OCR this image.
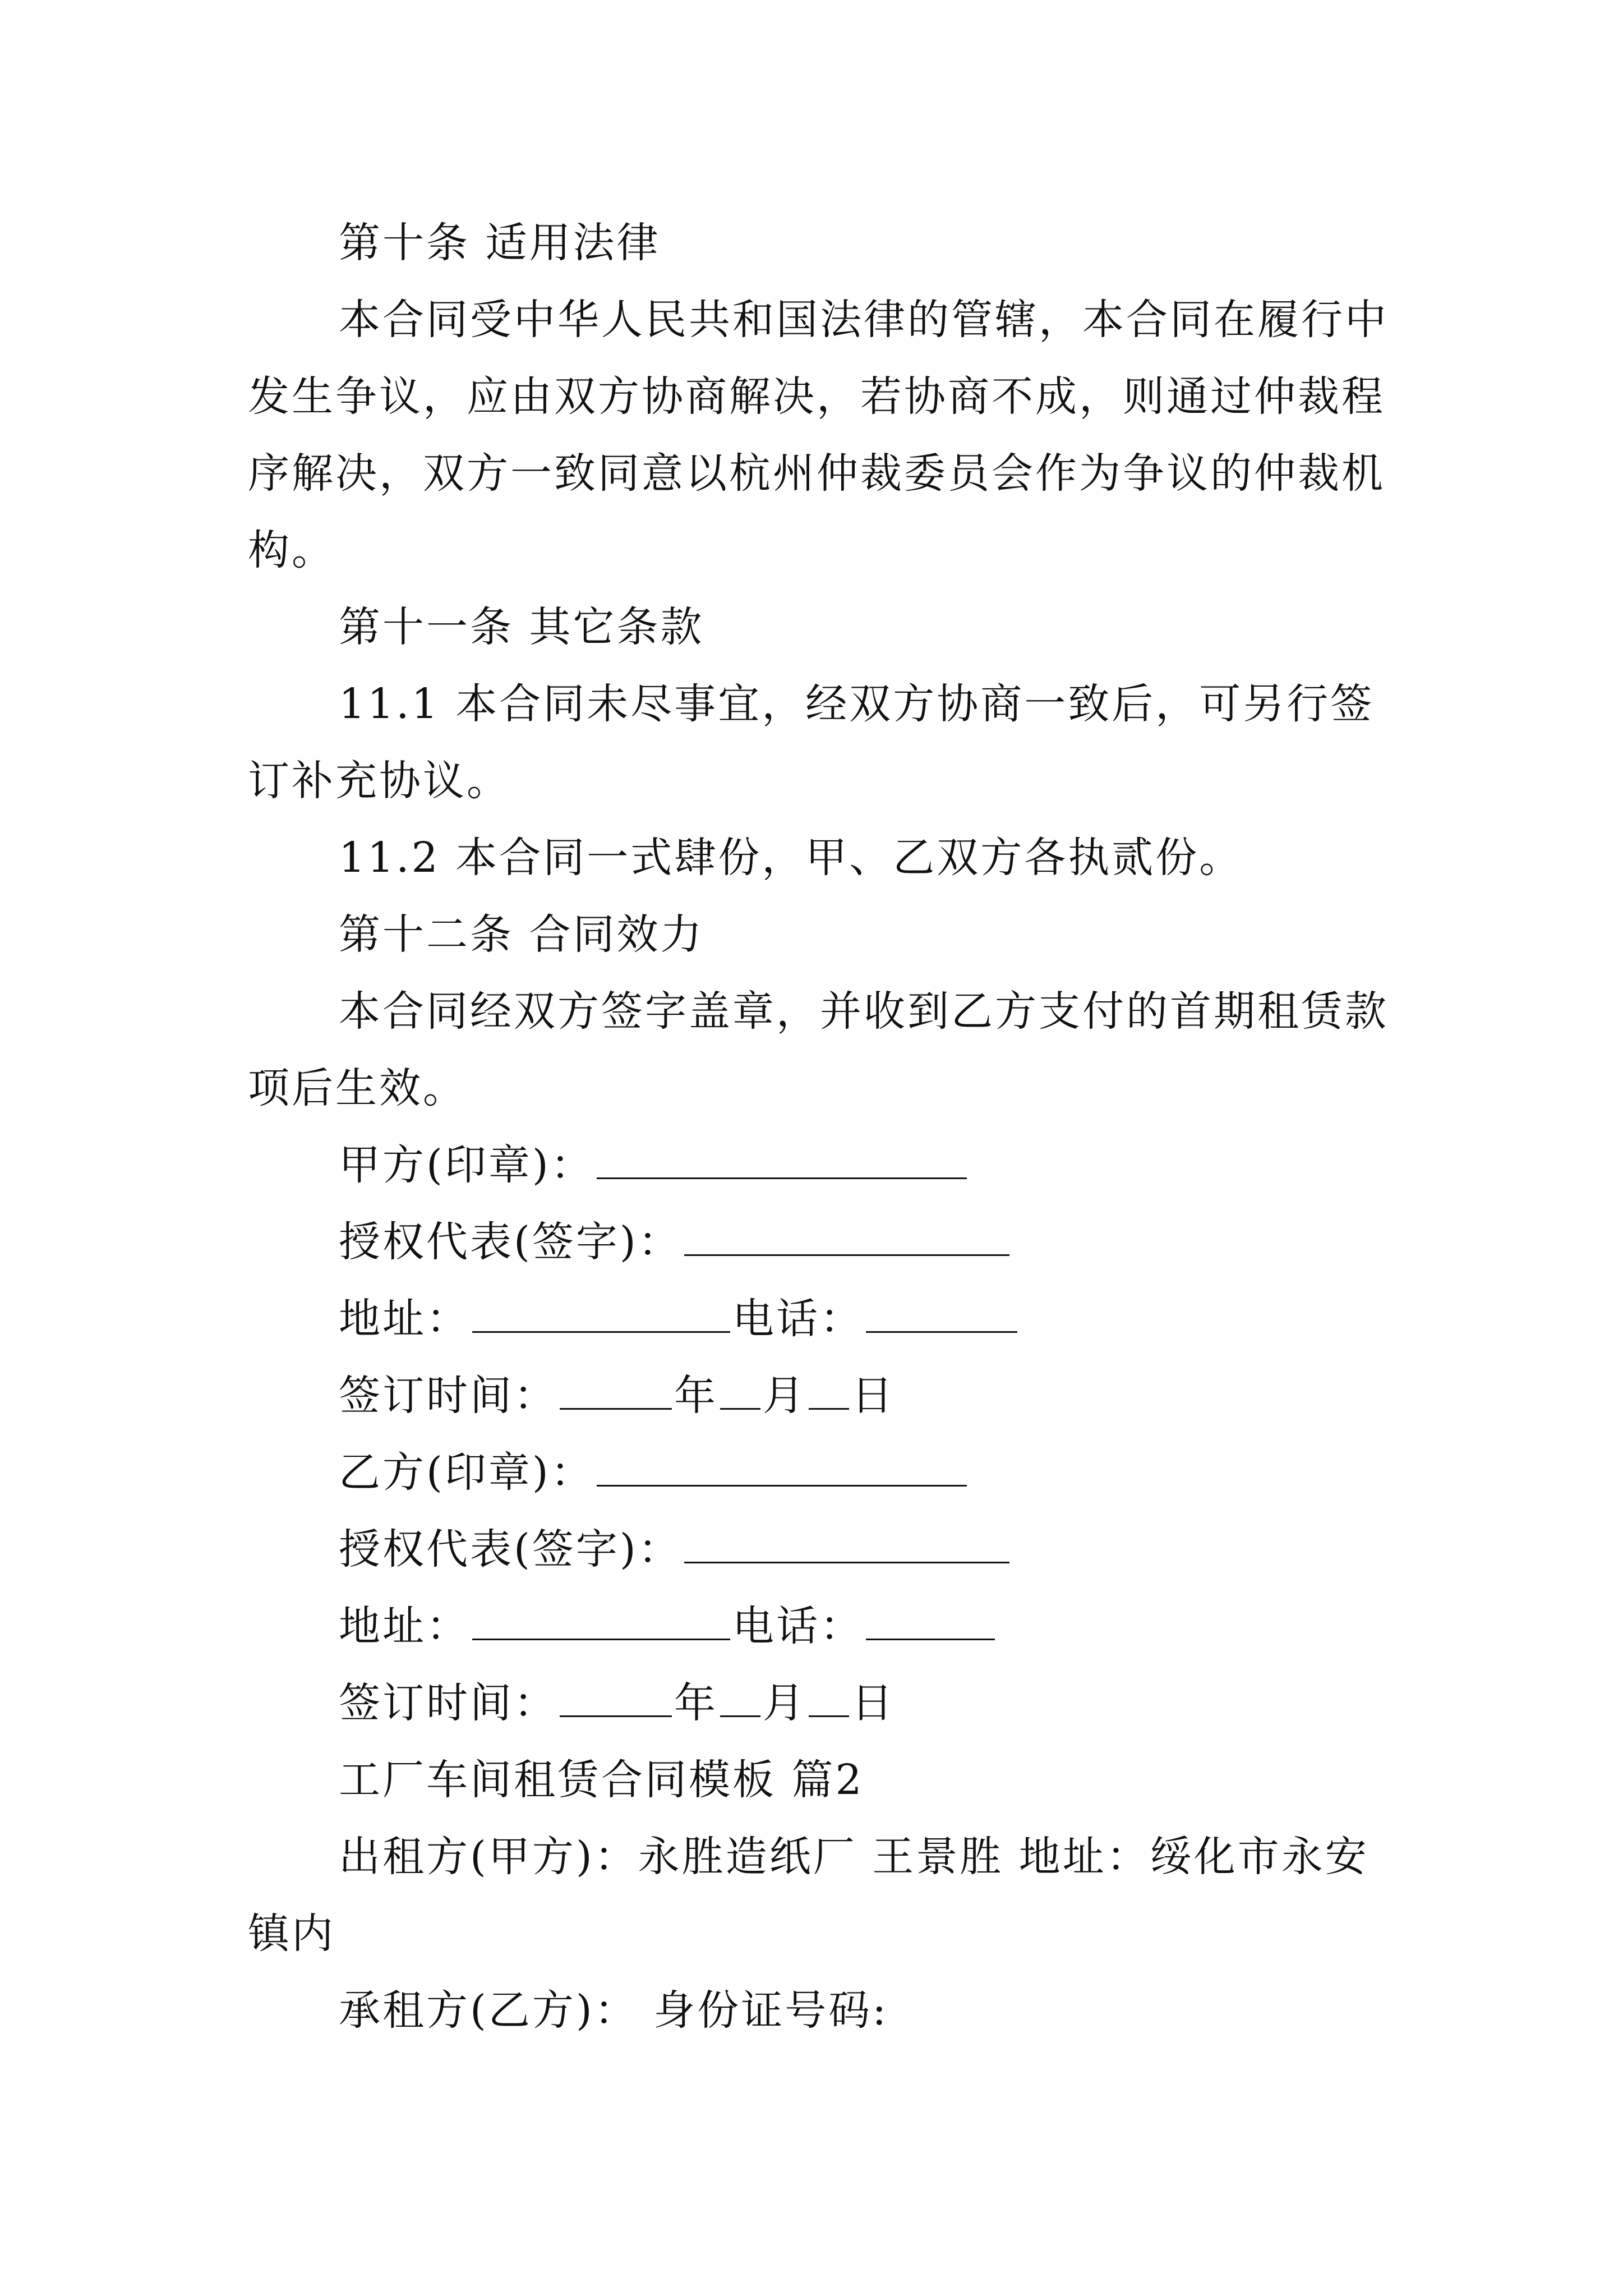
第十条 适用法律
本合同受中华人民共和国法律的管辖，本合同在履行中
发生争议，应由双方协商解决，若协商不成，则通过仲裁程
序解决，双方一致同意以杭州仲裁委员会作为争议的仲裁机
构。
第十一条 其它条款
11.1 本合同未尽事宜，经双方协商一致后，可另行签
订补充协议。
11.2 本合同一式肆份，甲、乙双方各执贰份。
第十二条 合同效力
本合同经双方签字盖章，并收到乙方支付的首期租赁款
项后生效。
甲方(印章)：
授权代表(签字)：
地址：	电话：
签订时间：	年 月 日
乙方(印章)：
授权代表(签字)：
地址：	电话：
签订时间：	年 月 日
工厂车间租赁合同模板 篇2
出租方(甲方)：永胜造纸厂 王景胜 地址：绥化市永安
镇内
承租方(乙方)： 身份证号码:
